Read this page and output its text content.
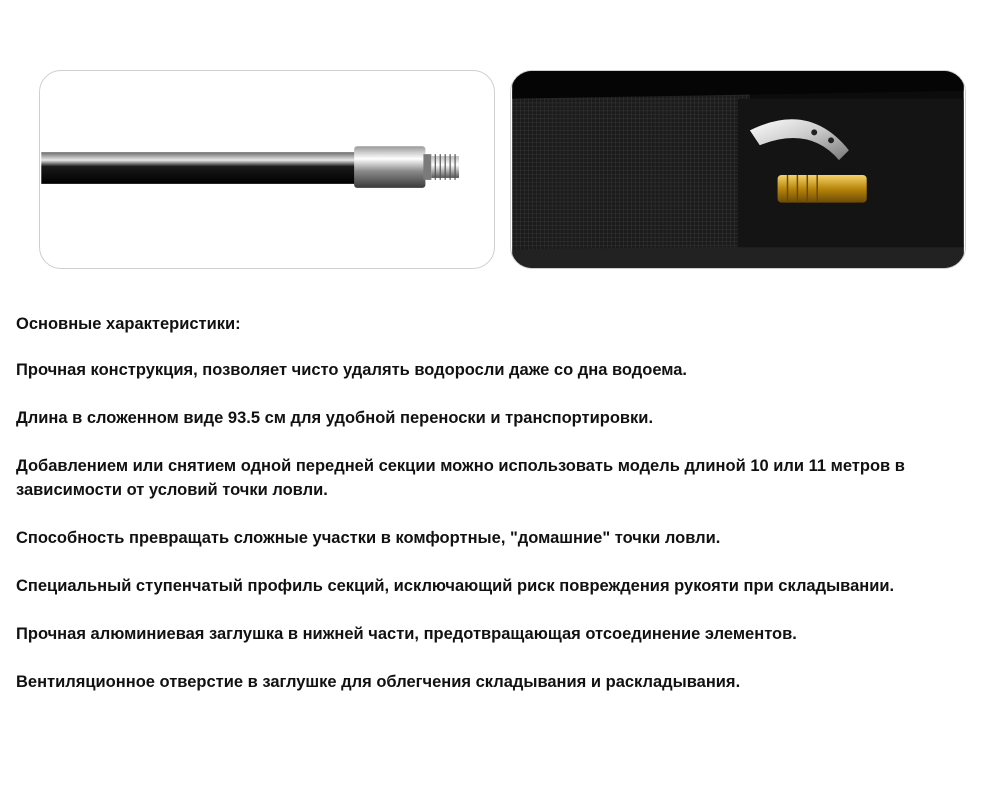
Основные характеристики:

Прочная конструкция, позволяет чисто удалять водоросли даже со дна водоема.

Длина в сложенном виде 93.5 см для удобной переноски и транспортировки.

Добавлением или снятием одной передней секции можно использовать модель длиной 10 или 11 метров в зависимости от условий точки ловли.

Способность превращать сложные участки в комфортные, "домашние" точки ловли.

Специальный ступенчатый профиль секций, исключающий риск повреждения рукояти при складывании.

Прочная алюминиевая заглушка в нижней части, предотвращающая отсоединение элементов.

Вентиляционное отверстие в заглушке для облегчения складывания и раскладывания.
